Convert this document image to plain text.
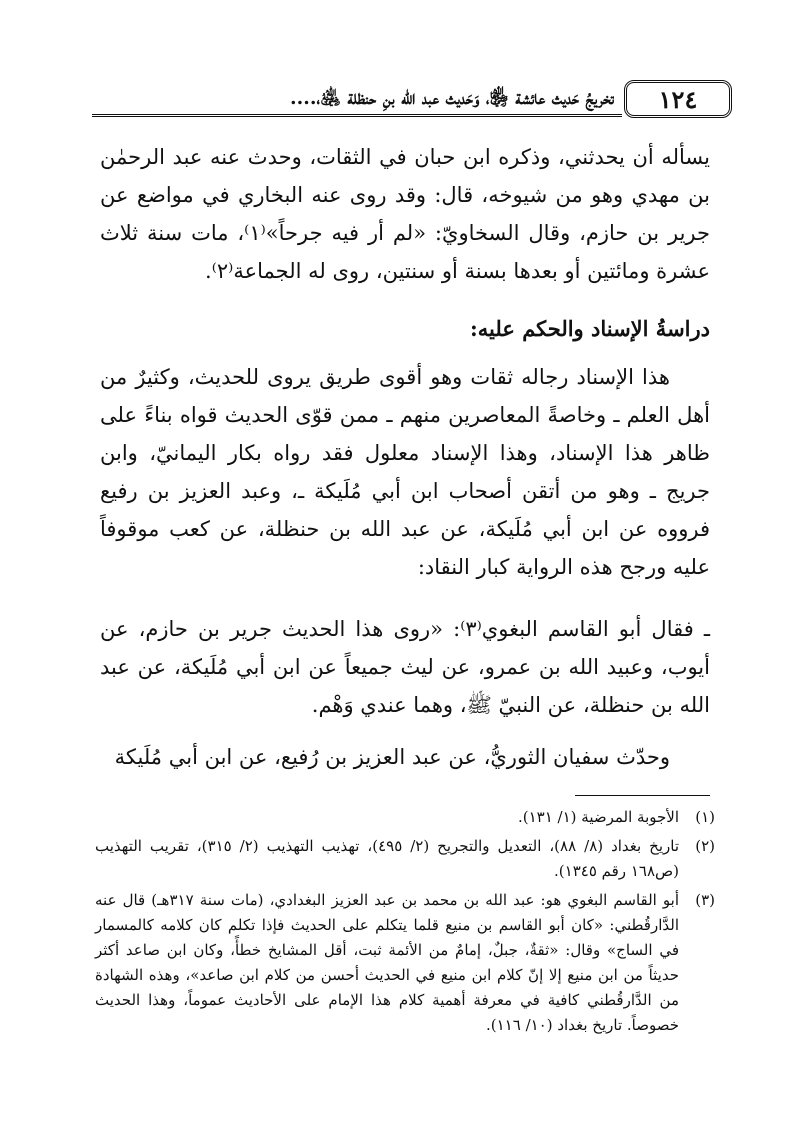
١٢٤
تخريجُ حَديث عائشة ﵂، وَحَديث عبد الله بنِ حنظلة ﵁،....

يسأله أن يحدثني، وذكره ابن حبان في الثقات، وحدث عنه عبد الرحمٰن بن مهدي وهو من شيوخه، قال: وقد روى عنه البخاري في مواضع عن جرير بن حازم، وقال السخاويّ: «لم أر فيه جرحاً»⁽١⁾، مات سنة ثلاث عشرة ومائتين أو بعدها بسنة أو سنتين، روى له الجماعة⁽٢⁾.

دراسةُ الإسناد والحكم عليه:

هذا الإسناد رجاله ثقات وهو أقوى طريق يروى للحديث، وكثيرٌ من أهل العلم ـ وخاصةً المعاصرين منهم ـ ممن قوّى الحديث قواه بناءً على ظاهر هذا الإسناد، وهذا الإسناد معلول فقد رواه بكار اليمانيّ، وابن جريج ـ وهو من أتقن أصحاب ابن أبي مُلَيكة ـ، وعبد العزيز بن رفيع فرووه عن ابن أبي مُلَيكة، عن عبد الله بن حنظلة، عن كعب موقوفاً عليه ورجح هذه الرواية كبار النقاد:

ـ فقال أبو القاسم البغوي⁽٣⁾: «روى هذا الحديث جرير بن حازم، عن أيوب، وعبيد الله بن عمرو، عن ليث جميعاً عن ابن أبي مُلَيكة، عن عبد الله بن حنظلة، عن النبيّ ﷺ، وهما عندي وَهْم.

وحدّث سفيان الثوريُّ، عن عبد العزيز بن رُفيع، عن ابن أبي مُلَيكة

(١)
الأجوبة المرضية (١/ ١٣١).
(٢)
تاريخ بغداد (٨/ ٨٨)، التعديل والتجريح (٢/ ٤٩٥)، تهذيب التهذيب (٢/ ٣١٥)، تقريب التهذيب (ص١٦٨ رقم ١٣٤٥).
(٣)
أبو القاسم البغوي هو: عبد الله بن محمد بن عبد العزيز البغدادي، (مات سنة ٣١٧هـ) قال عنه الدَّارقُطني: «كان أبو القاسم بن منيع قلما يتكلم على الحديث فإذا تكلم كان كلامه كالمسمار في الساج» وقال: «ثقةٌ، جبلٌ، إمامٌ من الأئمة ثبت، أقل المشايخ خطأً، وكان ابن صاعد أكثر حديثاً من ابن منيع إلا إنّ كلام ابن منيع في الحديث أحسن من كلام ابن صاعد»، وهذه الشهادة من الدَّارقُطني كافية في معرفة أهمية كلام هذا الإمام على الأحاديث عموماً، وهذا الحديث خصوصاً. تاريخ بغداد (١٠/ ١١٦).
